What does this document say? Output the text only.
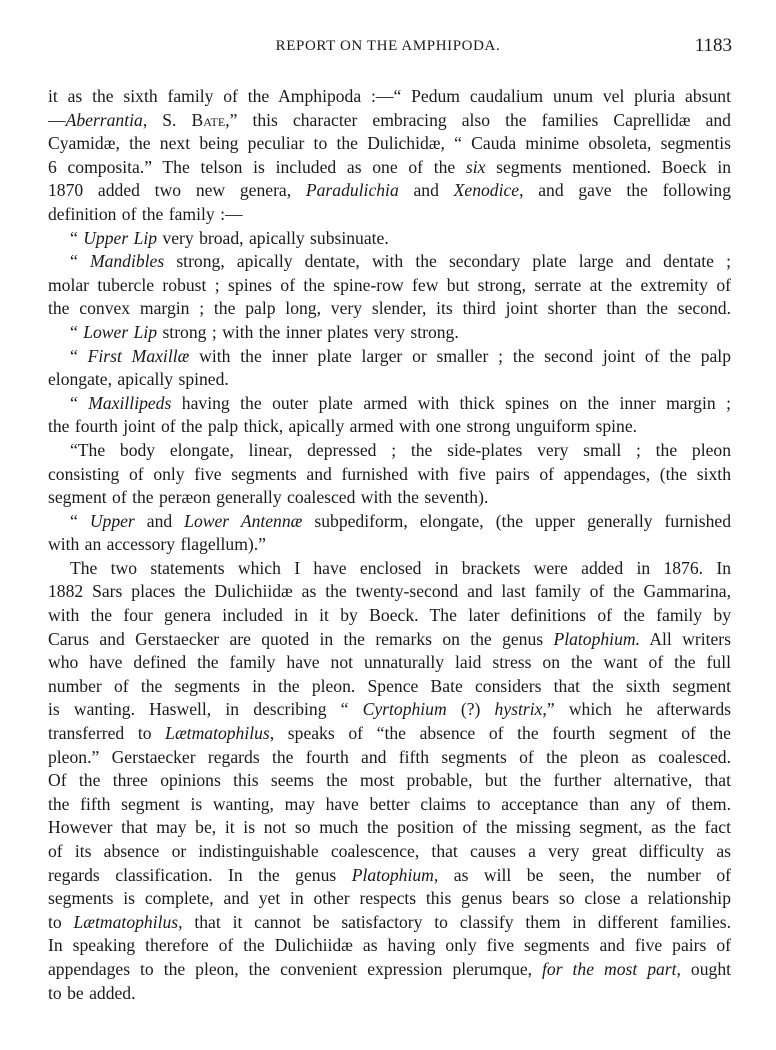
REPORT ON THE AMPHIPODA.	1183
it as the sixth family of the Amphipoda :—“ Pedum caudalium unum vel pluria absunt
—Aberrantia, S. Bate,” this character embracing also the families Caprellidæ and
Cyamidæ, the next being peculiar to the Dulichidæ, “ Cauda minime obsoleta, segmentis
6 composita.” The telson is included as one of the six segments mentioned. Boeck in
1870 added two new genera, Paradulichia and Xenodice, and gave the following
definition of the family :—
“ Upper Lip very broad, apically subsinuate.
“ Mandibles strong, apically dentate, with the secondary plate large and dentate ;
molar tubercle robust ; spines of the spine-row few but strong, serrate at the extremity of
the convex margin ; the palp long, very slender, its third joint shorter than the second.
“ Lower Lip strong ; with the inner plates very strong.
“ First Maxillæ with the inner plate larger or smaller ; the second joint of the palp
elongate, apically spined.
“ Maxillipeds having the outer plate armed with thick spines on the inner margin ;
the fourth joint of the palp thick, apically armed with one strong unguiform spine.
“The body elongate, linear, depressed ; the side-plates very small ; the pleon
consisting of only five segments and furnished with five pairs of appendages, (the sixth
segment of the peræon generally coalesced with the seventh).
“ Upper and Lower Antennæ subpediform, elongate, (the upper generally furnished
with an accessory flagellum).”
The two statements which I have enclosed in brackets were added in 1876. In
1882 Sars places the Dulichiidæ as the twenty-second and last family of the Gammarina,
with the four genera included in it by Boeck. The later definitions of the family by
Carus and Gerstaecker are quoted in the remarks on the genus Platophium. All writers
who have defined the family have not unnaturally laid stress on the want of the full
number of the segments in the pleon. Spence Bate considers that the sixth segment
is wanting. Haswell, in describing “ Cyrtophium (?) hystrix,” which he afterwards
transferred to Lætmatophilus, speaks of “the absence of the fourth segment of the
pleon.” Gerstaecker regards the fourth and fifth segments of the pleon as coalesced.
Of the three opinions this seems the most probable, but the further alternative, that
the fifth segment is wanting, may have better claims to acceptance than any of them.
However that may be, it is not so much the position of the missing segment, as the fact
of its absence or indistinguishable coalescence, that causes a very great difficulty as
regards classification. In the genus Platophium, as will be seen, the number of
segments is complete, and yet in other respects this genus bears so close a relationship
to Lætmatophilus, that it cannot be satisfactory to classify them in different families.
In speaking therefore of the Dulichiidæ as having only five segments and five pairs of
appendages to the pleon, the convenient expression plerumque, for the most part, ought
to be added.
